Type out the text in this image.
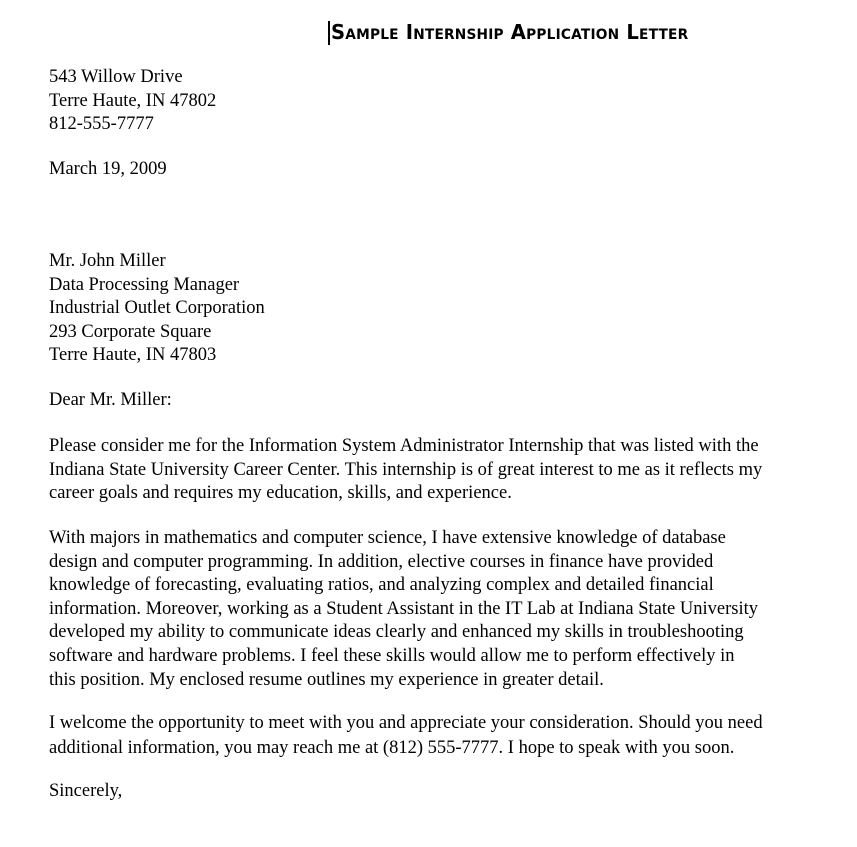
Sample Internship Application Letter
543 Willow Drive
Terre Haute, IN 47802
812-555-7777
March 19, 2009
Mr. John Miller
Data Processing Manager
Industrial Outlet Corporation
293 Corporate Square
Terre Haute, IN 47803
Dear Mr. Miller:
Please consider me for the Information System Administrator Internship that was listed with the
Indiana State University Career Center. This internship is of great interest to me as it reflects my
career goals and requires my education, skills, and experience.
With majors in mathematics and computer science, I have extensive knowledge of database
design and computer programming. In addition, elective courses in finance have provided
knowledge of forecasting, evaluating ratios, and analyzing complex and detailed financial
information. Moreover, working as a Student Assistant in the IT Lab at Indiana State University
developed my ability to communicate ideas clearly and enhanced my skills in troubleshooting
software and hardware problems. I feel these skills would allow me to perform effectively in
this position. My enclosed resume outlines my experience in greater detail.
I welcome the opportunity to meet with you and appreciate your consideration. Should you need
additional information, you may reach me at (812) 555-7777. I hope to speak with you soon.
Sincerely,
